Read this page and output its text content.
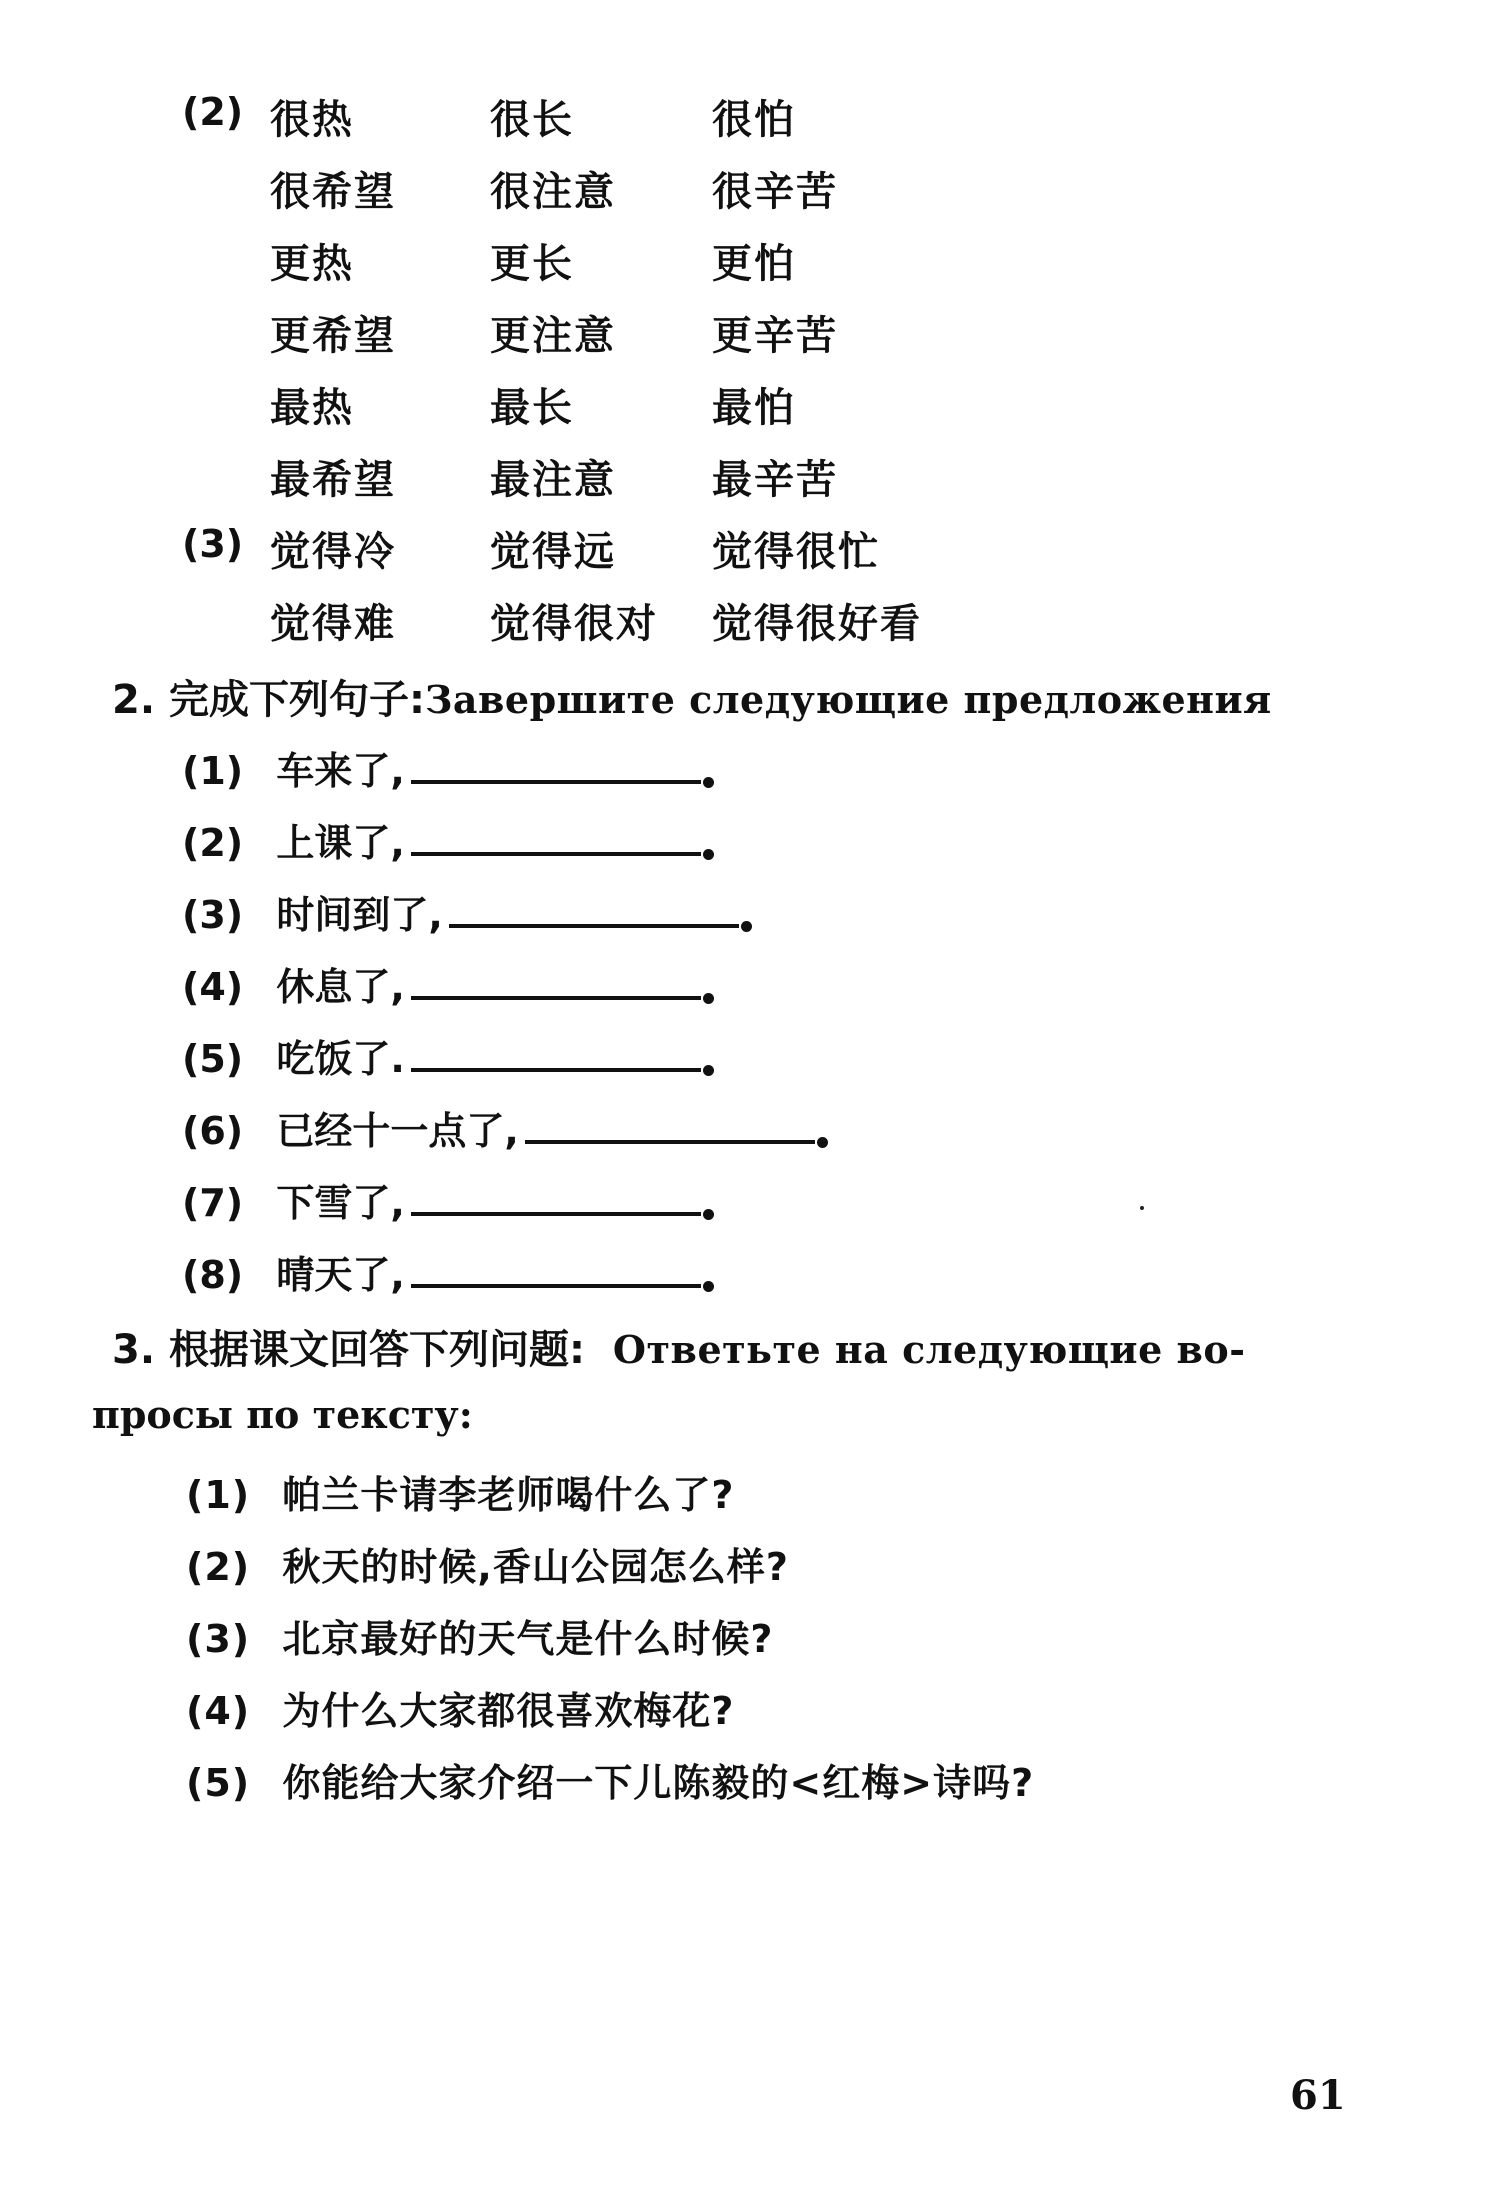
(2) 很热	很长	很怕
很希望 很注意 很辛苦
更热	更长	更怕
更希望 更注意 更辛苦
最热	最长	最怕
最希望 最注意 最辛苦
(3) 觉得冷 觉得远 觉得很忙
觉得难 觉得很对 觉得很好看
2. 完成下列句子:Завершите следующие предложения
(1) 车来了,
(2) 上课了,
(3) 时间到了,
(4) 休息了,
(5) 吃饭了.
(6) 已经十一点了,
(7) 下雪了,
(8) 晴天了,
3. 根据课文回答下列问题: Ответьте на следующие во-
просы по тексту:
(1) 帕兰卡请李老师喝什么了?
(2) 秋天的时候,香山公园怎么样?
(3) 北京最好的天气是什么时候?
(4) 为什么大家都很喜欢梅花?
(5) 你能给大家介绍一下儿陈毅的<红梅>诗吗?
61
